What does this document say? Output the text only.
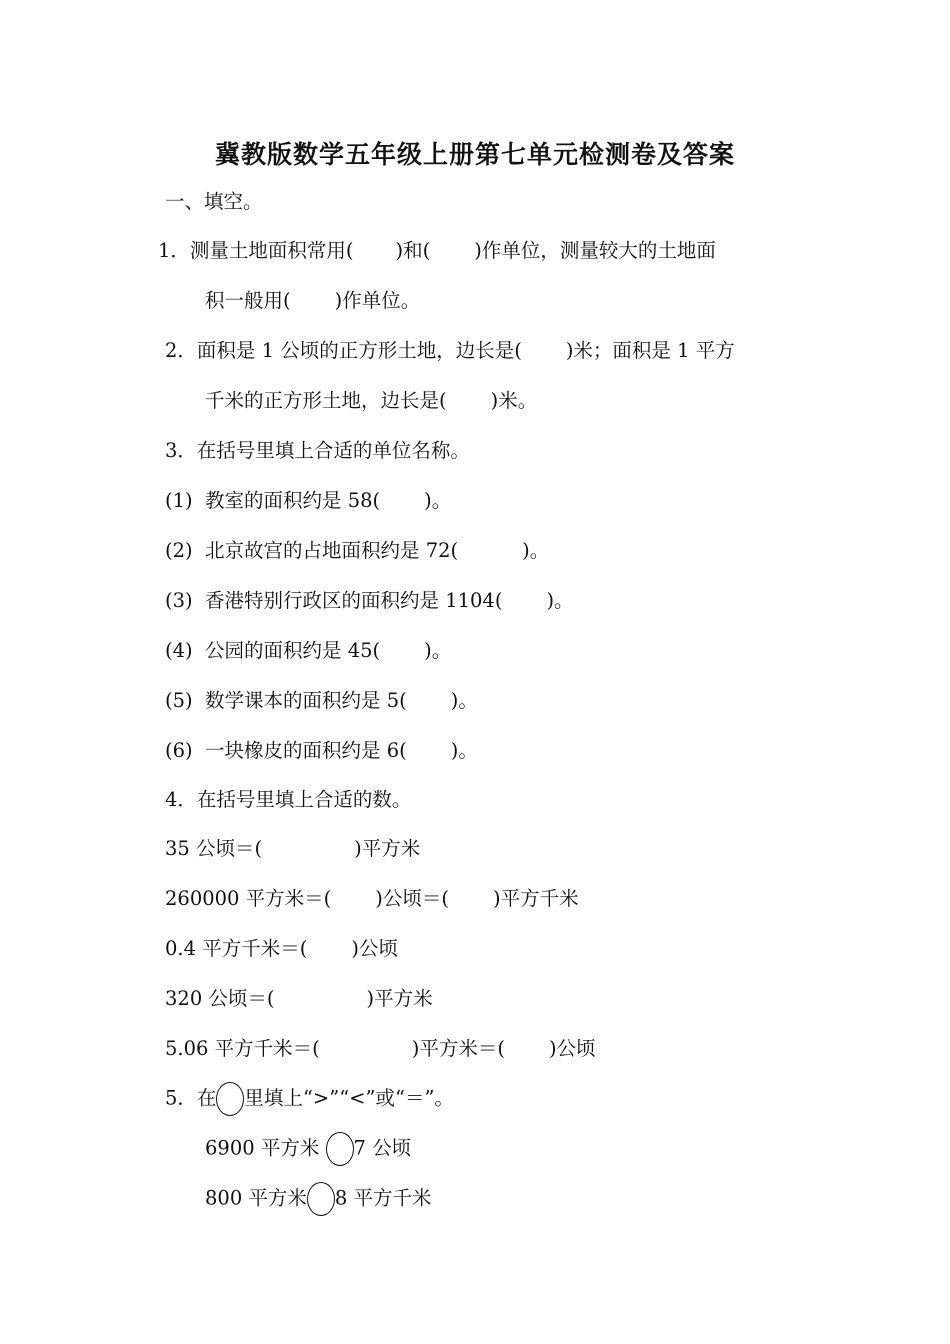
冀教版数学五年级上册第七单元检测卷及答案
一、填空。
1．测量土地面积常用( )和( )作单位，测量较大的土地面
积一般用( )作单位。
2．面积是 1 公顷的正方形土地，边长是( )米；面积是 1 平方
千米的正方形土地，边长是( )米。
3．在括号里填上合适的单位名称。
(1)  教室的面积约是 58( )。
(2)  北京故宫的占地面积约是 72(	)。
(3)  香港特别行政区的面积约是 1104( )。
(4)  公园的面积约是 45( )。
(5)  数学课本的面积约是 5( )。
(6)  一块橡皮的面积约是 6( )。
4．在括号里填上合适的数。
35 公顷＝(	)平方米
260000 平方米＝( )公顷＝( )平方千米
0.4 平方千米＝( )公顷
320 公顷＝(	)平方米
5.06 平方千米＝(	)平方米＝( )公顷
5．在 里填上“>”“<”或“＝”。
6900 平方米 7 公顷
800 平方米 8 平方千米
